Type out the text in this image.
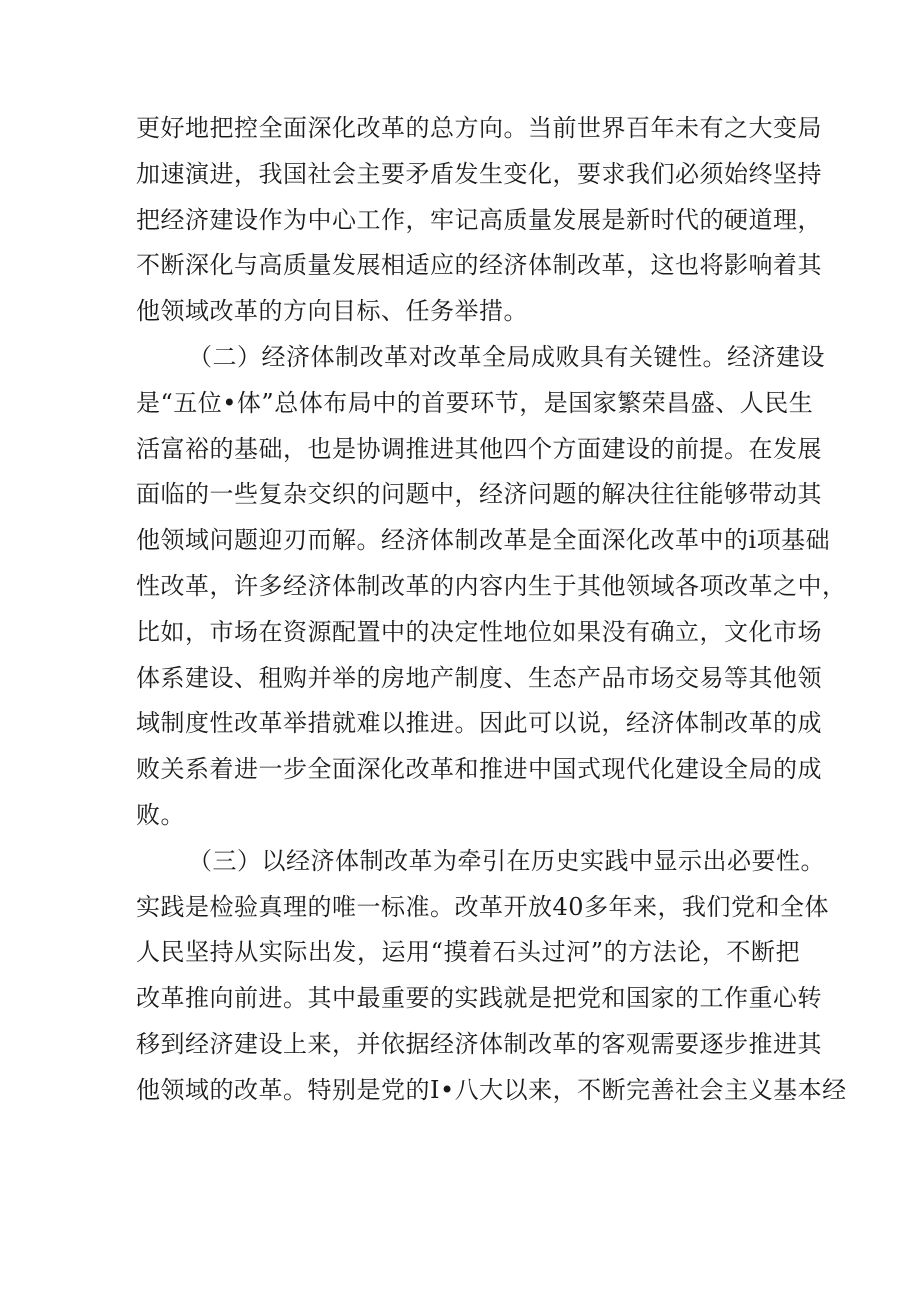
更好地把控全面深化改革的总方向。当前世界百年未有之大变局
加速演进，我国社会主要矛盾发生变化，要求我们必须始终坚持
把经济建设作为中心工作，牢记高质量发展是新时代的硬道理，
不断深化与高质量发展相适应的经济体制改革，这也将影响着其
他领域改革的方向目标、任务举措。
（二）经济体制改革对改革全局成败具有关键性。经济建设
是“五位•体”总体布局中的首要环节，是国家繁荣昌盛、人民生
活富裕的基础，也是协调推进其他四个方面建设的前提。在发展
面临的一些复杂交织的问题中，经济问题的解决往往能够带动其
他领域问题迎刃而解。经济体制改革是全面深化改革中的i项基础
性改革，许多经济体制改革的内容内生于其他领域各项改革之中，
比如，市场在资源配置中的决定性地位如果没有确立，文化市场
体系建设、租购并举的房地产制度、生态产品市场交易等其他领
域制度性改革举措就难以推进。因此可以说，经济体制改革的成
败关系着进一步全面深化改革和推进中国式现代化建设全局的成
败。
（三）以经济体制改革为牵引在历史实践中显示出必要性。
实践是检验真理的唯一标准。改革开放40多年来，我们党和全体
人民坚持从实际出发，运用“摸着石头过河”的方法论，不断把
改革推向前进。其中最重要的实践就是把党和国家的工作重心转
移到经济建设上来，并依据经济体制改革的客观需要逐步推进其
他领域的改革。特别是党的I•八大以来，不断完善社会主义基本经
